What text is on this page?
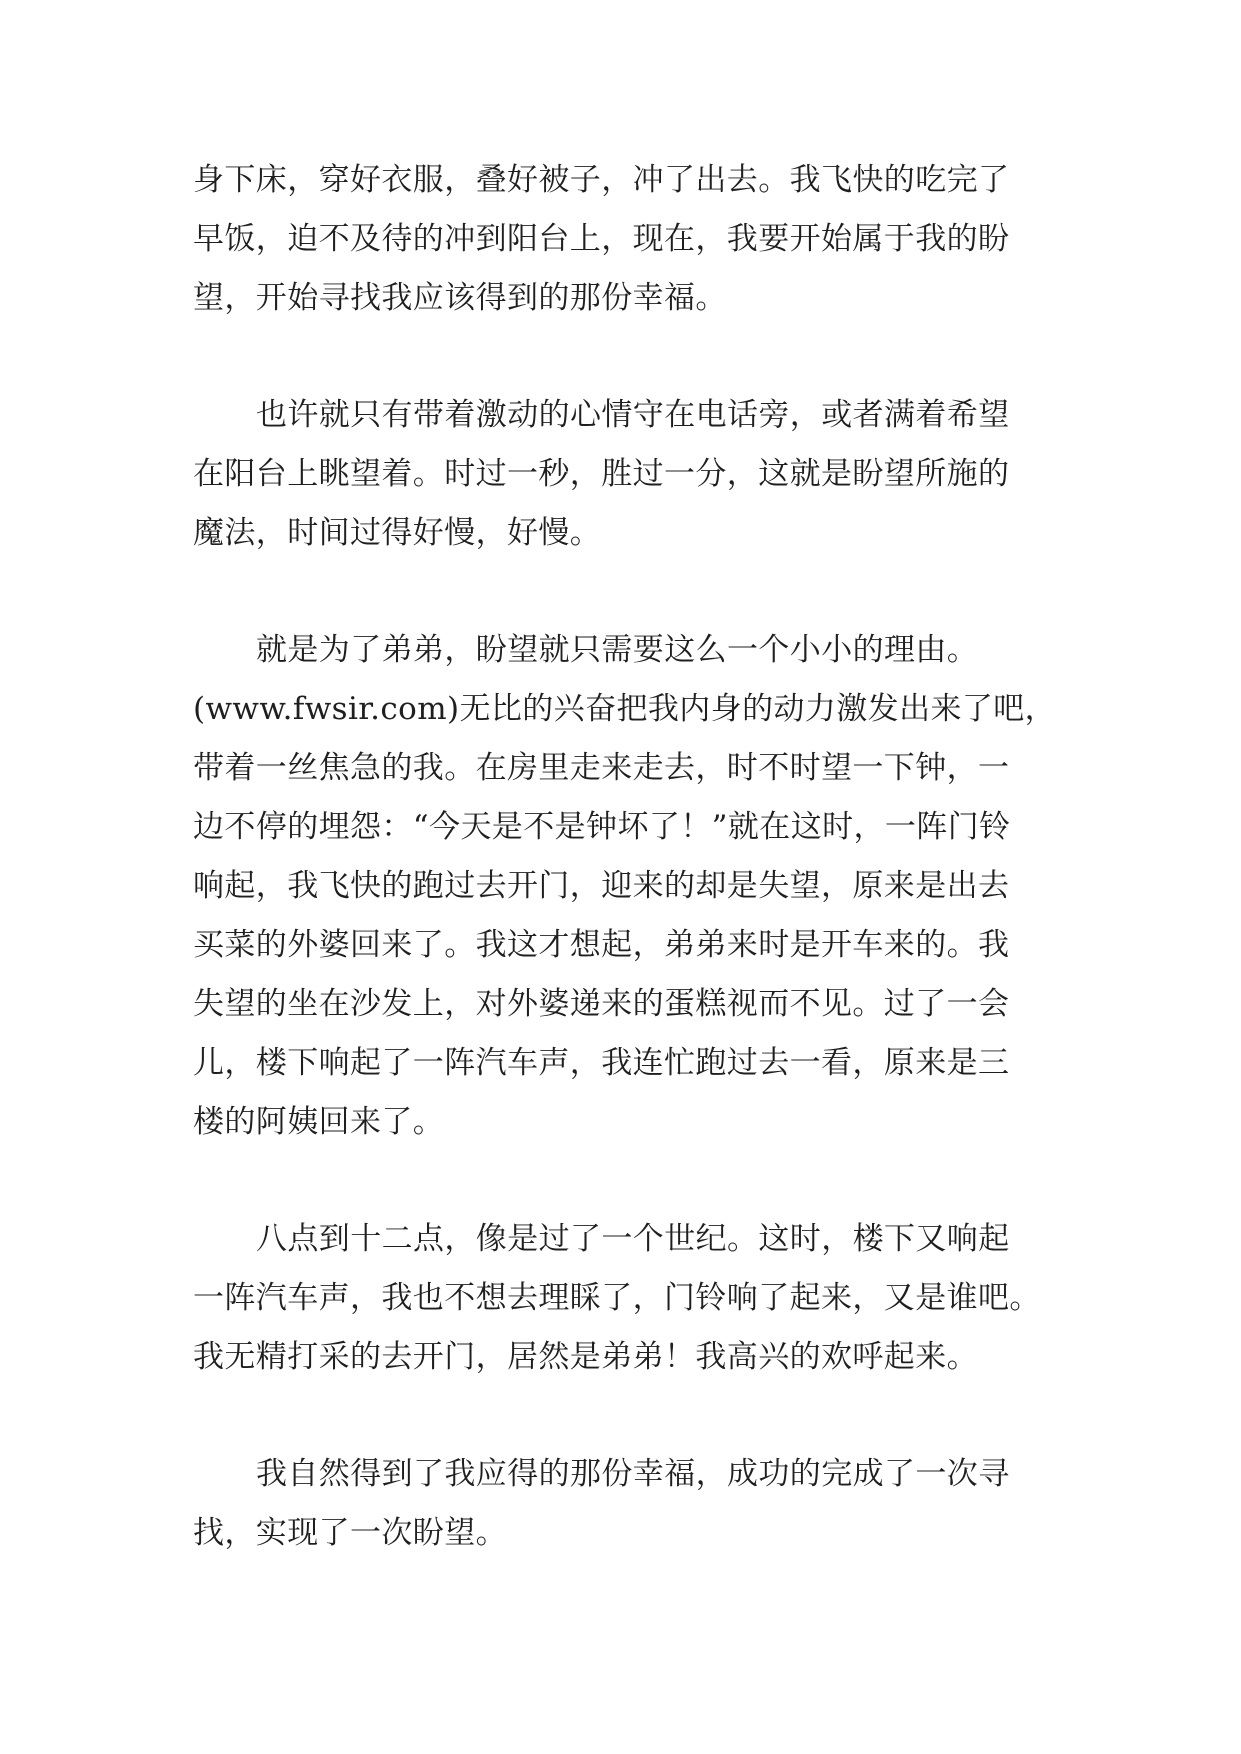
身下床，穿好衣服，叠好被子，冲了出去。我飞快的吃完了
早饭，迫不及待的冲到阳台上，现在，我要开始属于我的盼
望，开始寻找我应该得到的那份幸福。
也许就只有带着激动的心情守在电话旁，或者满着希望
在阳台上眺望着。时过一秒，胜过一分，这就是盼望所施的
魔法，时间过得好慢，好慢。
就是为了弟弟，盼望就只需要这么一个小小的理由。
(www.fwsir.com)无比的兴奋把我内身的动力激发出来了吧，
带着一丝焦急的我。在房里走来走去，时不时望一下钟，一
边不停的埋怨：“今天是不是钟坏了！”就在这时，一阵门铃
响起，我飞快的跑过去开门，迎来的却是失望，原来是出去
买菜的外婆回来了。我这才想起，弟弟来时是开车来的。我
失望的坐在沙发上，对外婆递来的蛋糕视而不见。过了一会
儿，楼下响起了一阵汽车声，我连忙跑过去一看，原来是三
楼的阿姨回来了。
八点到十二点，像是过了一个世纪。这时，楼下又响起
一阵汽车声，我也不想去理睬了，门铃响了起来，又是谁吧。
我无精打采的去开门，居然是弟弟！我高兴的欢呼起来。
我自然得到了我应得的那份幸福，成功的完成了一次寻
找，实现了一次盼望。
